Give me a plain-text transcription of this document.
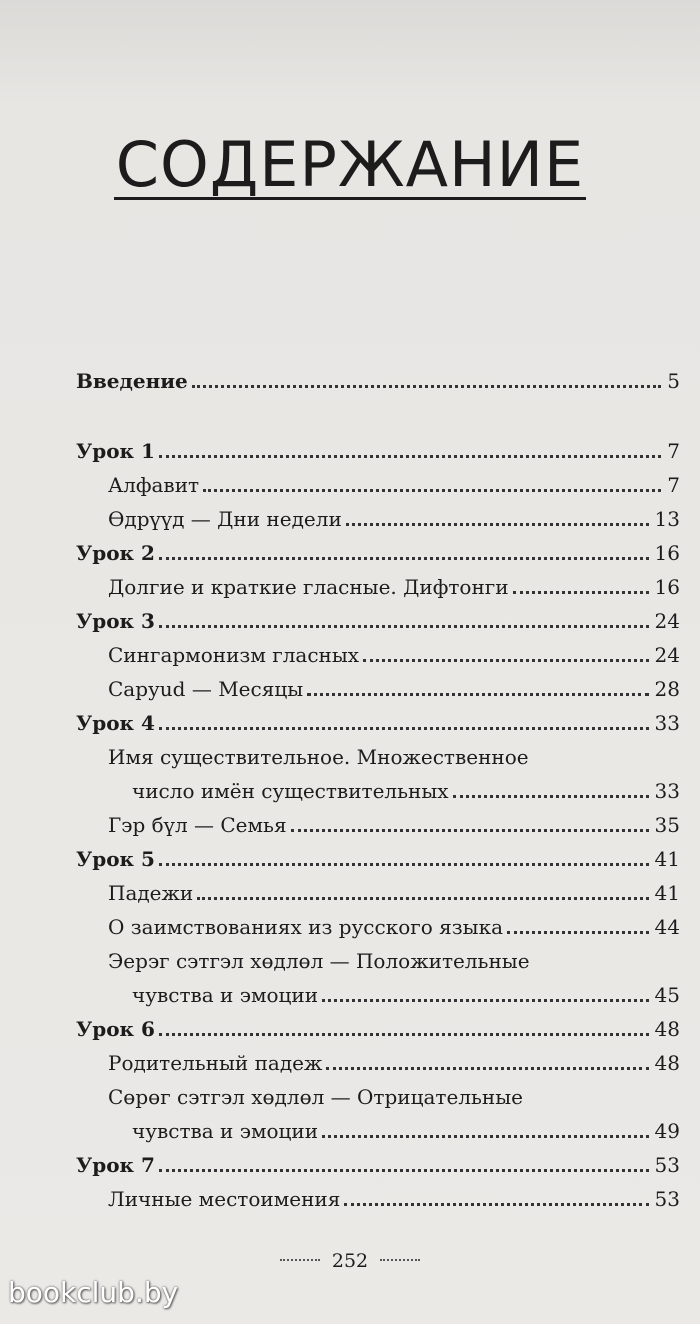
СОДЕРЖАНИЕ
Введение	5
Урок 1	7
Алфавит	7
Өдрүүд — Дни недели	13
Урок 2	16
Долгие и краткие гласные. Дифтонги	16
Урок 3	24
Сингармонизм гласных	24
Саруud — Месяцы	28
Урок 4	33
Имя существительное. Множественное
число имён существительных	33
Гэр бүл — Семья	35
Урок 5	41
Падежи	41
О заимствованиях из русского языка	44
Эерэг сэтгэл хөдлөл — Положительные
чувства и эмоции	45
Урок 6	48
Родительный падеж	48
Сөрөг сэтгэл хөдлөл — Отрицательные
чувства и эмоции	49
Урок 7	53
Личные местоимения	53
252
bookclub.by
